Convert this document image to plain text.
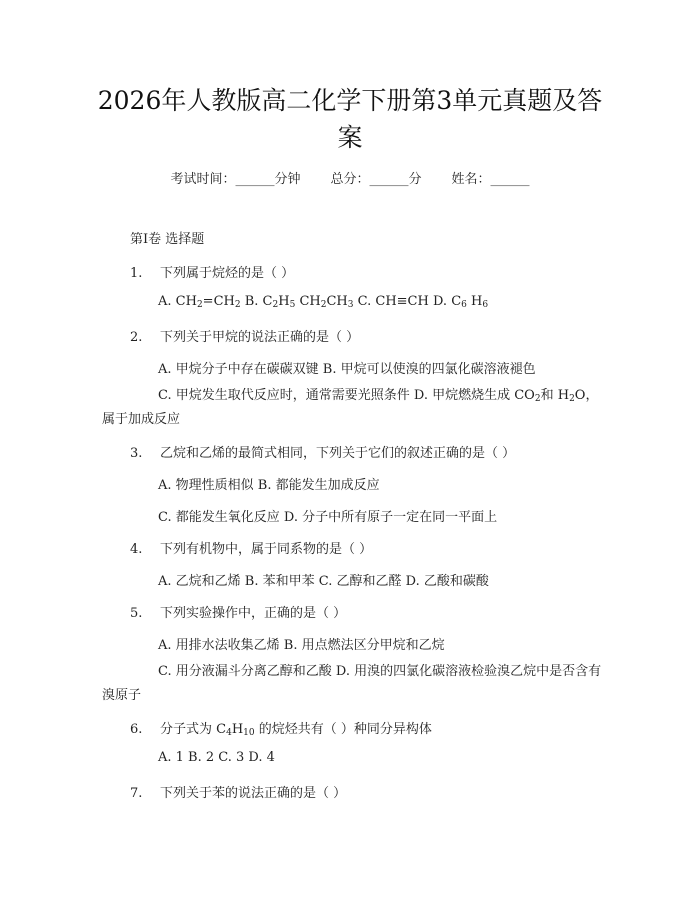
2026年人教版高二化学下册第3单元真题及答案
考试时间：______分钟 总分：______分 姓名：______
第Ⅰ卷 选择题
1. 下列属于烷烃的是（ ）
A. $CH_2=CH_2$ B. $C_2H_5$ $CH_2CH_3$ C. CH≡CH D. $C_6$ $H_6$
2. 下列关于甲烷的说法正确的是（ ）
A. 甲烷分子中存在碳碳双键 B. 甲烷可以使溴的四氯化碳溶液褪色
C. 甲烷发生取代反应时，通常需要光照条件 D. 甲烷燃烧生成 $CO_2$和 $H_2O$，属于加成反应
3. 乙烷和乙烯的最简式相同，下列关于它们的叙述正确的是（ ）
A. 物理性质相似 B. 都能发生加成反应
C. 都能发生氧化反应 D. 分子中所有原子一定在同一平面上
4. 下列有机物中，属于同系物的是（ ）
A. 乙烷和乙烯 B. 苯和甲苯 C. 乙醇和乙醛 D. 乙酸和碳酸
5. 下列实验操作中，正确的是（ ）
A. 用排水法收集乙烯 B. 用点燃法区分甲烷和乙烷
C. 用分液漏斗分离乙醇和乙酸 D. 用溴的四氯化碳溶液检验溴乙烷中是否含有溴原子
6. 分子式为 $C_4H_{10}$ 的烷烃共有（ ）种同分异构体
A. 1 B. 2 C. 3 D. 4
7. 下列关于苯的说法正确的是（ ）
